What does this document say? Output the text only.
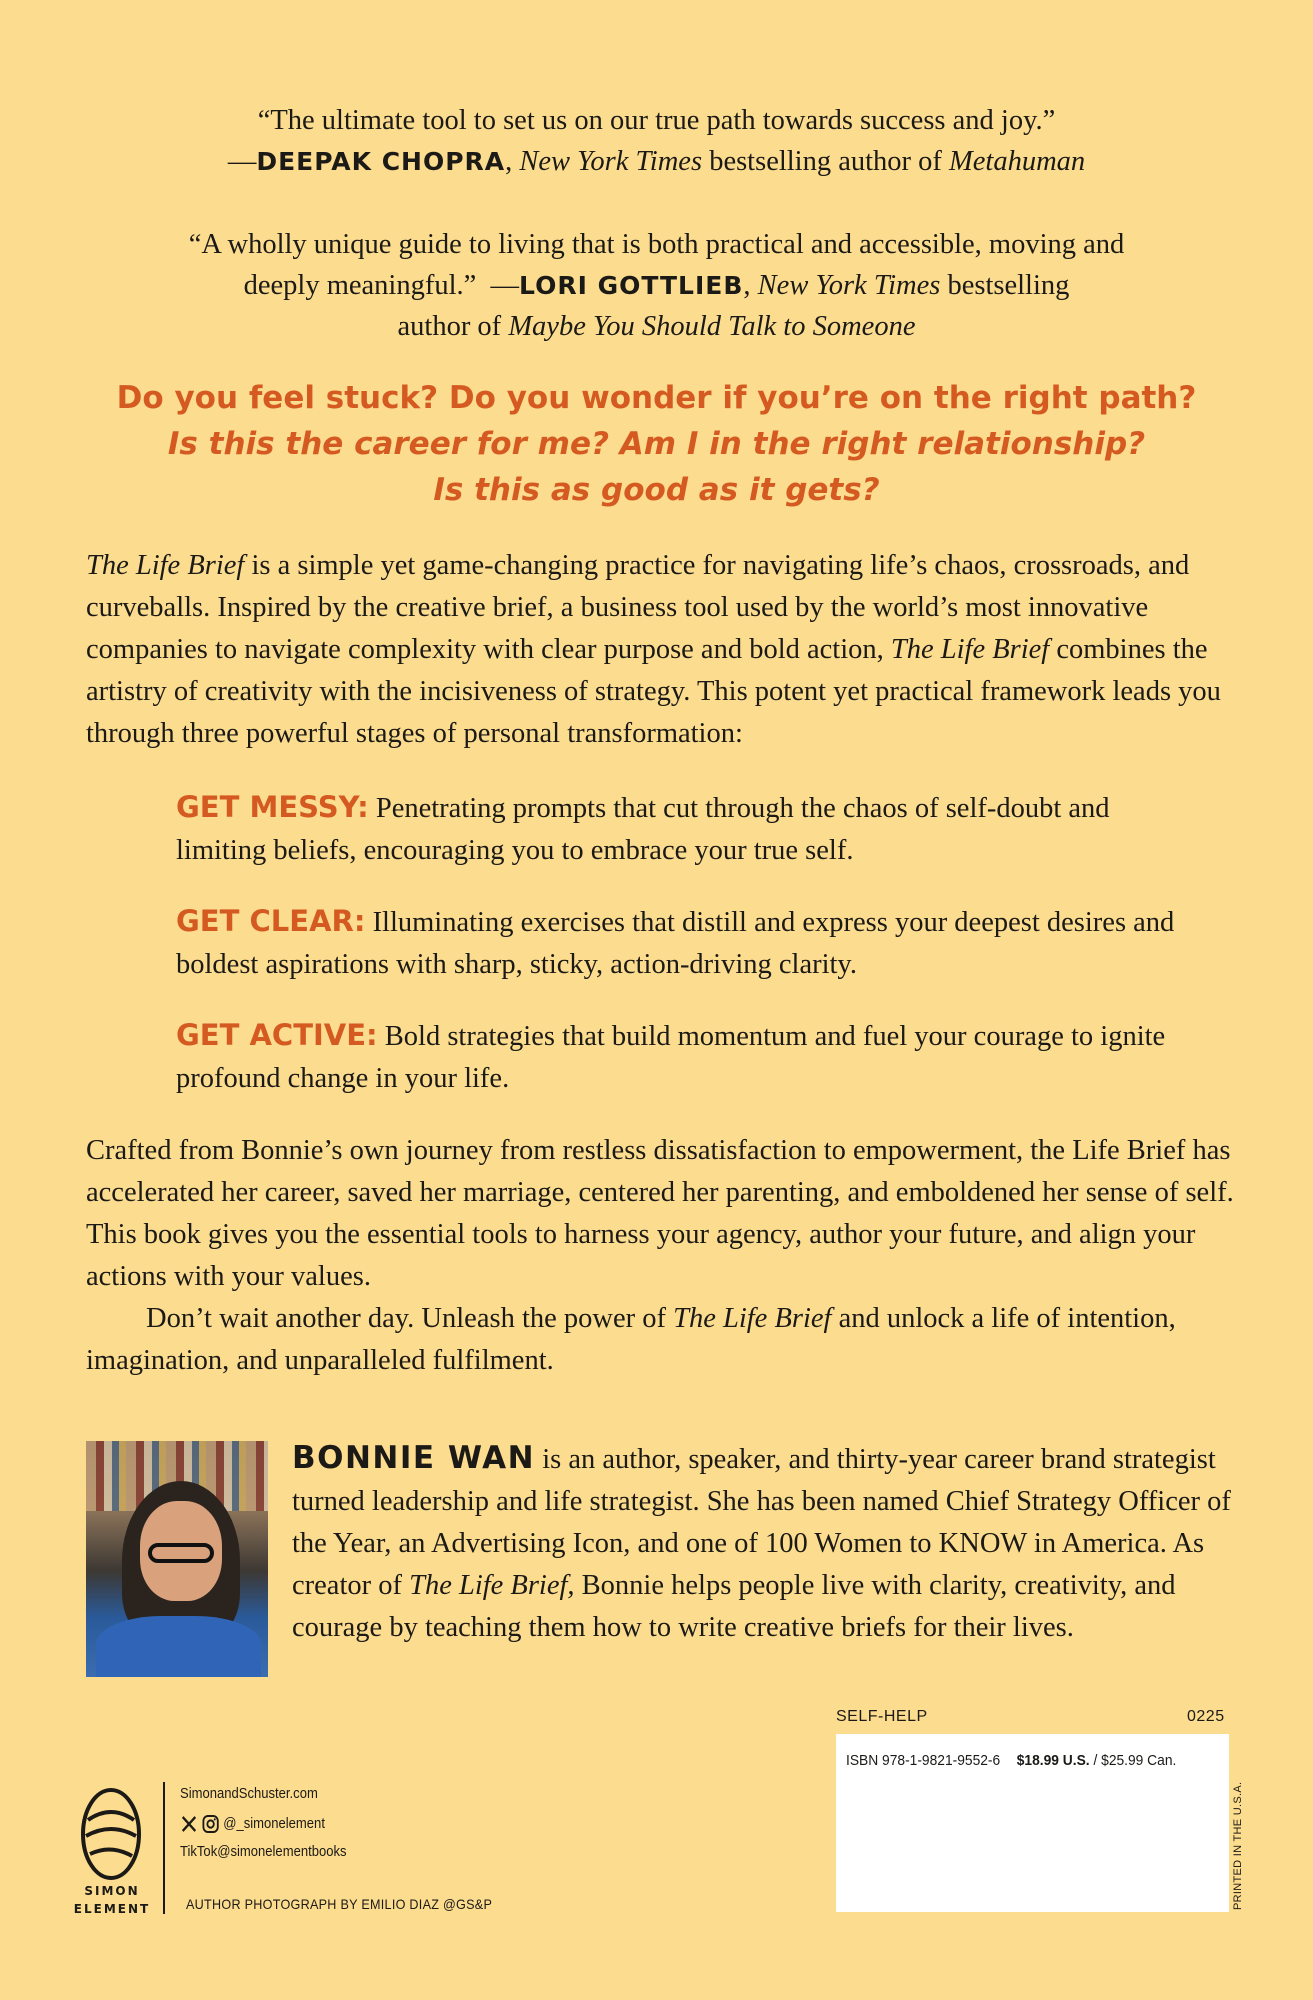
“The ultimate tool to set us on our true path towards success and joy.”
—DEEPAK CHOPRA, New York Times bestselling author of Metahuman
“A wholly unique guide to living that is both practical and accessible, moving and
deeply meaningful.” —LORI GOTTLIEB, New York Times bestselling
author of Maybe You Should Talk to Someone
Do you feel stuck? Do you wonder if you’re on the right path?
Is this the career for me? Am I in the right relationship?
Is this as good as it gets?
The Life Brief is a simple yet game-changing practice for navigating life’s chaos, crossroads, and curveballs. Inspired by the creative brief, a business tool used by the world’s most innovative companies to navigate complexity with clear purpose and bold action, The Life Brief combines the artistry of creativity with the incisiveness of strategy. This potent yet practical framework leads you through three powerful stages of personal transformation:
GET MESSY: Penetrating prompts that cut through the chaos of self-doubt and limiting beliefs, encouraging you to embrace your true self.
GET CLEAR: Illuminating exercises that distill and express your deepest desires and boldest aspirations with sharp, sticky, action-driving clarity.
GET ACTIVE: Bold strategies that build momentum and fuel your courage to ignite profound change in your life.
Crafted from Bonnie’s own journey from restless dissatisfaction to empowerment, the Life Brief has accelerated her career, saved her marriage, centered her parenting, and emboldened her sense of self. This book gives you the essential tools to harness your agency, author your future, and align your actions with your values.
Don’t wait another day. Unleash the power of The Life Brief and unlock a life of intention, imagination, and unparalleled fulfilment.
BONNIE WAN is an author, speaker, and thirty-year career brand strategist turned leadership and life strategist. She has been named Chief Strategy Officer of the Year, an Advertising Icon, and one of 100 Women to KNOW in America. As creator of The Life Brief, Bonnie helps people live with clarity, creativity, and courage by teaching them how to write creative briefs for their lives.
SIMON
ELEMENT
SimonandSchuster.com
@_simonelement
TikTok@simonelementbooks
AUTHOR PHOTOGRAPH BY EMILIO DIAZ @GS&P
SELF-HELP	0225
ISBN 978-1-9821-9552-6 $18.99 U.S. / $25.99 Can.
PRINTED IN THE U.S.A.
